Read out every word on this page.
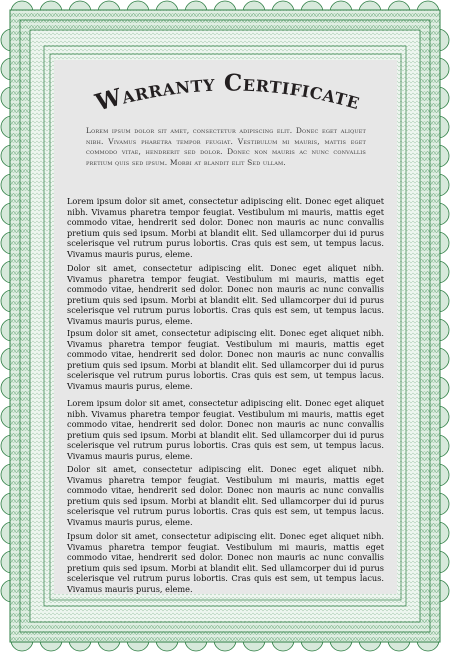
Warranty Certificate
Lorem ipsum dolor sit amet, consectetur adipiscing elit. Donec eget aliquet nibh. Vivamus pharetra tempor feugiat. Vestibulum mi mauris, mattis eget commodo vitae, hendrerit sed dolor. Donec non mauris ac nunc convallis pretium quis sed ipsum. Morbi at blandit elit Sed ullam.
Lorem ipsum dolor sit amet, consectetur adipiscing elit. Donec eget aliquet nibh. Vivamus pharetra tempor feugiat. Vestibulum mi mauris, mattis eget commodo vitae, hendrerit sed dolor. Donec non mauris ac nunc convallis pretium quis sed ipsum. Morbi at blandit elit. Sed ullamcorper dui id purus scelerisque vel rutrum purus lobortis. Cras quis est sem, ut tempus lacus. Vivamus mauris purus, eleme.
Dolor sit amet, consectetur adipiscing elit. Donec eget aliquet nibh. Vivamus pharetra tempor feugiat. Vestibulum mi mauris, mattis eget commodo vitae, hendrerit sed dolor. Donec non mauris ac nunc convallis pretium quis sed ipsum. Morbi at blandit elit. Sed ullamcorper dui id purus scelerisque vel rutrum purus lobortis. Cras quis est sem, ut tempus lacus. Vivamus mauris purus, eleme.
Ipsum dolor sit amet, consectetur adipiscing elit. Donec eget aliquet nibh. Vivamus pharetra tempor feugiat. Vestibulum mi mauris, mattis eget commodo vitae, hendrerit sed dolor. Donec non mauris ac nunc convallis pretium quis sed ipsum. Morbi at blandit elit. Sed ullamcorper dui id purus scelerisque vel rutrum purus lobortis. Cras quis est sem, ut tempus lacus. Vivamus mauris purus, eleme.
Lorem ipsum dolor sit amet, consectetur adipiscing elit. Donec eget aliquet nibh. Vivamus pharetra tempor feugiat. Vestibulum mi mauris, mattis eget commodo vitae, hendrerit sed dolor. Donec non mauris ac nunc convallis pretium quis sed ipsum. Morbi at blandit elit. Sed ullamcorper dui id purus scelerisque vel rutrum purus lobortis. Cras quis est sem, ut tempus lacus. Vivamus mauris purus, eleme.
Dolor sit amet, consectetur adipiscing elit. Donec eget aliquet nibh. Vivamus pharetra tempor feugiat. Vestibulum mi mauris, mattis eget commodo vitae, hendrerit sed dolor. Donec non mauris ac nunc convallis pretium quis sed ipsum. Morbi at blandit elit. Sed ullamcorper dui id purus scelerisque vel rutrum purus lobortis. Cras quis est sem, ut tempus lacus. Vivamus mauris purus, eleme.
Ipsum dolor sit amet, consectetur adipiscing elit. Donec eget aliquet nibh. Vivamus pharetra tempor feugiat. Vestibulum mi mauris, mattis eget commodo vitae, hendrerit sed dolor. Donec non mauris ac nunc convallis pretium quis sed ipsum. Morbi at blandit elit. Sed ullamcorper dui id purus scelerisque vel rutrum purus lobortis. Cras quis est sem, ut tempus lacus. Vivamus mauris purus, eleme.
